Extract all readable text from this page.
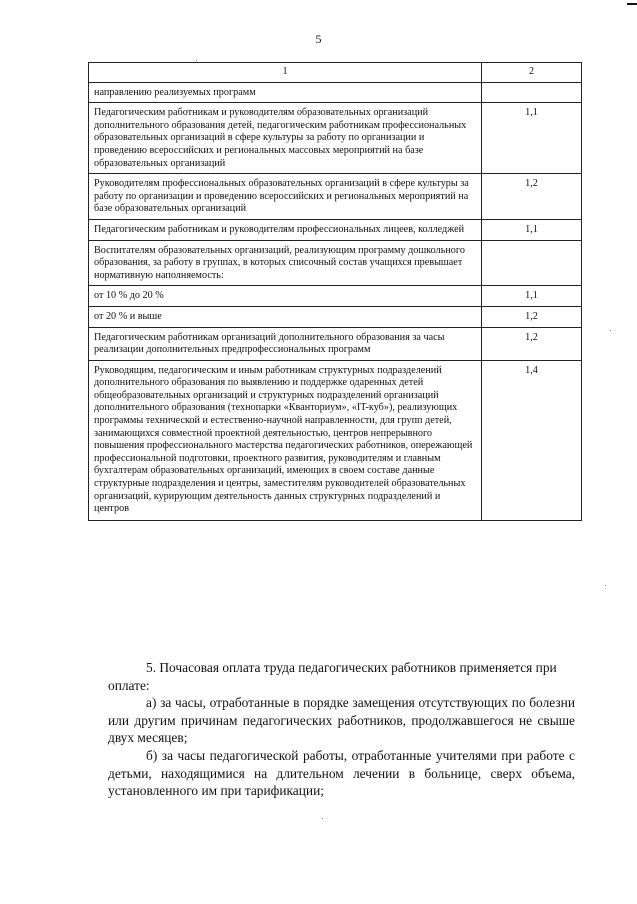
5
1	2
направлению реализуемых программ	
Педагогическим работникам и руководителям образовательных организаций дополнительного образования детей, педагогическим работникам профессиональных образовательных организаций в сфере культуры за работу по организации и проведению всероссийских и региональных массовых мероприятий на базе образовательных организаций	1,1
Руководителям профессиональных образовательных организаций в сфере культуры за работу по организации и проведению всероссийских и региональных мероприятий на базе образовательных организаций	1,2
Педагогическим работникам и руководителям профессиональных лицеев, колледжей	1,1
Воспитателям образовательных организаций, реализующим программу дошкольного образования, за работу в группах, в которых списочный состав учащихся превышает нормативную наполняемость:	
от 10 % до 20 %	1,1
от 20 % и выше	1,2
Педагогическим работникам организаций дополнительного образования за часы реализации дополнительных предпрофессиональных программ	1,2
Руководящим, педагогическим и иным работникам структурных подразделений дополнительного образования по выявлению и поддержке одаренных детей общеобразовательных организаций и структурных подразделений организаций дополнительного образования (технопарки «Кванториум», «IT-куб»), реализующих программы технической и естественно-научной направленности, для групп детей, занимающихся совместной проектной деятельностью, центров непрерывного повышения профессионального мастерства педагогических работников, опережающей профессиональной подготовки, проектного развития, руководителям и главным бухгалтерам образовательных организаций, имеющих в своем составе данные структурные подразделения и центры, заместителям руководителей образовательных организаций, курирующим деятельность данных структурных подразделений и центров	1,4

5. Почасовая оплата труда педагогических работников применяется при

оплате:

а) за часы, отработанные в порядке замещения отсутствующих по болезни или другим причинам педагогических работников, продолжавшегося не свыше двух месяцев;

б) за часы педагогической работы, отработанные учителями при работе с детьми, находящимися на длительном лечении в больнице, сверх объема, установленного им при тарификации;
